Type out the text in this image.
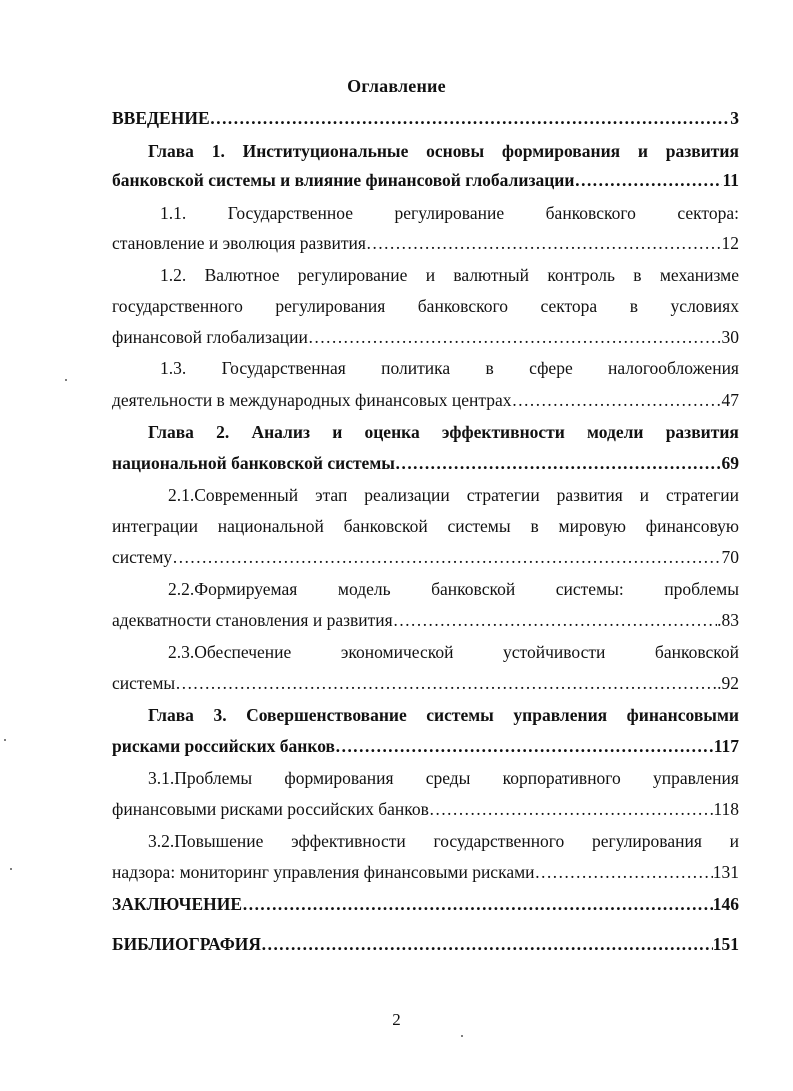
Оглавление
ВВЕДЕНИЕ ………………………………………………………………………………………………………………………………………………	3
Глава 1. Институциональные основы формирования и развития
банковской системы и влияние финансовой глобализации ………………………………………………………………………………………………………………………………………………	11
1.1. Государственное регулирование банковского сектора:
становление и эволюция развития ………………………………………………………………………………………………………………………………………………	12
1.2. Валютное регулирование и валютный контроль в механизме
государственного регулирования банковского сектора в условиях
финансовой глобализации ………………………………………………………………………………………………………………………………………………	30
1.3. Государственная политика в сфере налогообложения
деятельности в международных финансовых центрах ………………………………………………………………………………………………………………………………………………	47
Глава 2. Анализ и оценка эффективности модели развития
национальной банковской системы ………………………………………………………………………………………………………………………………………………	69
2.1.Современный этап реализации стратегии развития и стратегии
интеграции национальной банковской системы в мировую финансовую
систему ………………………………………………………………………………………………………………………………………………	70
2.2.Формируемая модель банковской системы: проблемы
адекватности становления и развития ………………………………………………………………………………………………………………………………………………	.83
2.3.Обеспечение	экономической	устойчивости	банковской
системы ………………………………………………………………………………………………………………………………………………	.92
Глава 3. Совершенствование системы управления финансовыми
рисками российских банков ………………………………………………………………………………………………………………………………………………	117
3.1.Проблемы формирования среды корпоративного управления
финансовыми рисками российских банков ………………………………………………………………………………………………………………………………………………	118
3.2.Повышение эффективности государственного регулирования и
надзора: мониторинг управления финансовыми рисками ………………………………………………………………………………………………………………………………………………	131
ЗАКЛЮЧЕНИЕ ………………………………………………………………………………………………………………………………………………	146
БИБЛИОГРАФИЯ ………………………………………………………………………………………………………………………………………………	151
2
